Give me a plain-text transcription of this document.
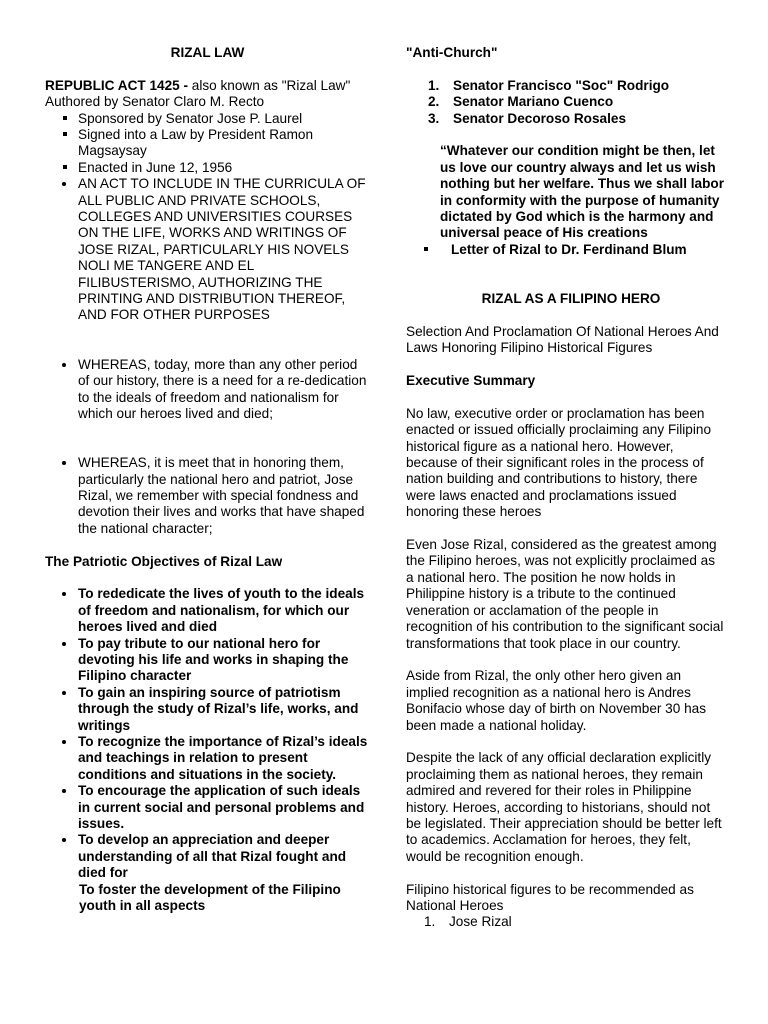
RIZAL LAW

REPUBLIC ACT 1425 - also known as "Rizal Law"

Authored by Senator Claro M. Recto

Sponsored by Senator Jose P. Laurel
Signed into a Law by President Ramon Magsaysay
Enacted in June 12, 1956
AN ACT TO INCLUDE IN THE CURRICULA OF ALL PUBLIC AND PRIVATE SCHOOLS, COLLEGES AND UNIVERSITIES COURSES ON THE LIFE, WORKS AND WRITINGS OF JOSE RIZAL, PARTICULARLY HIS NOVELS NOLI ME TANGERE AND EL FILIBUSTERISMO, AUTHORIZING THE PRINTING AND DISTRIBUTION THEREOF, AND FOR OTHER PURPOSES
WHEREAS, today, more than any other period of our history, there is a need for a re-dedication to the ideals of freedom and nationalism for which our heroes lived and died;
WHEREAS, it is meet that in honoring them, particularly the national hero and patriot, Jose Rizal, we remember with special fondness and devotion their lives and works that have shaped the national character;

The Patriotic Objectives of Rizal Law

To rededicate the lives of youth to the ideals of freedom and nationalism, for which our heroes lived and died
To pay tribute to our national hero for devoting his life and works in shaping the Filipino character
To gain an inspiring source of patriotism through the study of Rizal’s life, works, and writings
To recognize the importance of Rizal’s ideals and teachings in relation to present conditions and situations in the society.
To encourage the application of such ideals in current social and personal problems and issues.
To develop an appreciation and deeper understanding of all that Rizal fought and died for

To foster the development of the Filipino youth in all aspects

"Anti-Church"

1. Senator Francisco "Soc" Rodrigo
2. Senator Mariano Cuenco
3. Senator Decoroso Rosales

“Whatever our condition might be then, let us love our country always and let us wish nothing but her welfare. Thus we shall labor in conformity with the purpose of humanity dictated by God which is the harmony and universal peace of His creations

Letter of Rizal to Dr. Ferdinand Blum

RIZAL AS A FILIPINO HERO

Selection And Proclamation Of National Heroes And Laws Honoring Filipino Historical Figures

Executive Summary

No law, executive order or proclamation has been enacted or issued officially proclaiming any Filipino historical figure as a national hero. However, because of their significant roles in the process of nation building and contributions to history, there were laws enacted and proclamations issued honoring these heroes

Even Jose Rizal, considered as the greatest among the Filipino heroes, was not explicitly proclaimed as a national hero. The position he now holds in Philippine history is a tribute to the continued veneration or acclamation of the people in recognition of his contribution to the significant social transformations that took place in our country.

Aside from Rizal, the only other hero given an implied recognition as a national hero is Andres Bonifacio whose day of birth on November 30 has been made a national holiday.

Despite the lack of any official declaration explicitly proclaiming them as national heroes, they remain admired and revered for their roles in Philippine history. Heroes, according to historians, should not be legislated. Their appreciation should be better left to academics. Acclamation for heroes, they felt, would be recognition enough.

Filipino historical figures to be recommended as National Heroes

1. Jose Rizal
